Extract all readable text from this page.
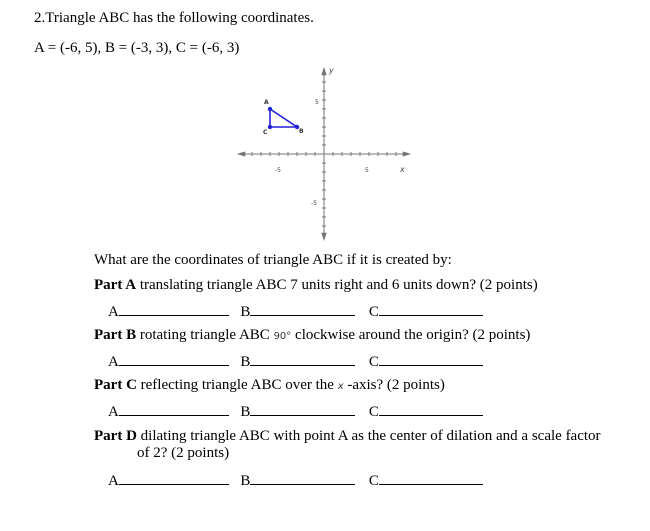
2.Triangle ABC has the following coordinates.
A = (-6, 5), B = (-3, 3), C = (-6, 3)
y
x
-5	5
5
-5
A
B
C
What are the coordinates of triangle ABC if it is created by:
Part A translating triangle ABC 7 units right and 6 units down? (2 points)
A	B	C
Part B rotating triangle ABC 90° clockwise around the origin? (2 points)
A	B	C
Part C reflecting triangle ABC over the x -axis? (2 points)
A	B	C
Part D dilating triangle ABC with point A as the center of dilation and a scale factor
of 2? (2 points)
A	B	C
